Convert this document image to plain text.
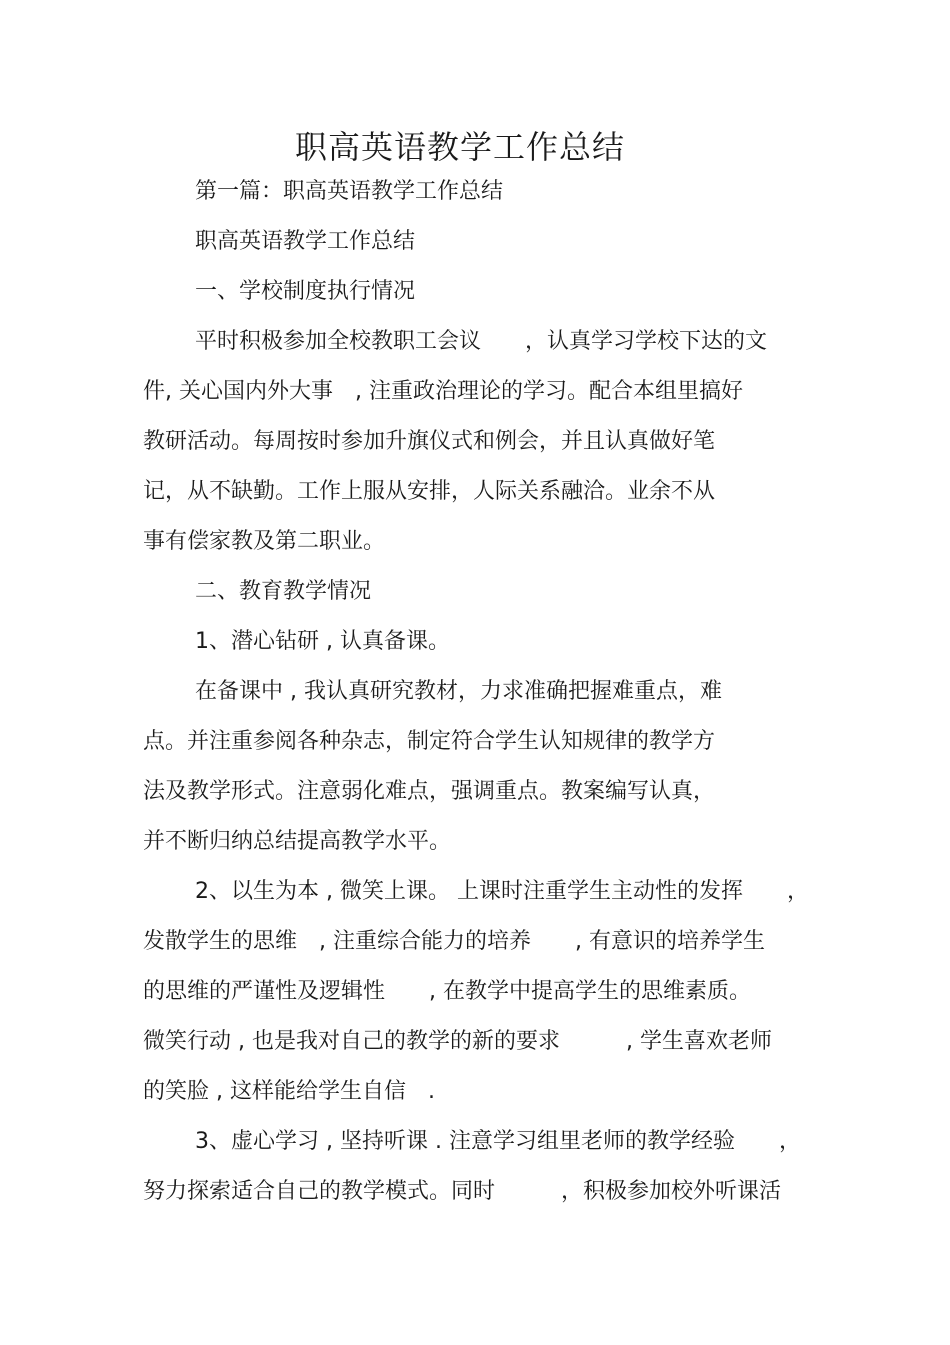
职高英语教学工作总结
第一篇：职高英语教学工作总结
职高英语教学工作总结
一、学校制度执行情况
平时积极参加全校教职工会议　　，认真学习学校下达的文
件, 关心国内外大事　, 注重政治理论的学习。配合本组里搞好
教研活动。每周按时参加升旗仪式和例会，并且认真做好笔
记，从不缺勤。工作上服从安排，人际关系融洽。业余不从
事有偿家教及第二职业。
二、教育教学情况
1、潜心钻研 , 认真备课。
在备课中 , 我认真研究教材，力求准确把握难重点，难
点。并注重参阅各种杂志，制定符合学生认知规律的教学方
法及教学形式。注意弱化难点，强调重点。教案编写认真，
并不断归纳总结提高教学水平。
2、以生为本 , 微笑上课。 上课时注重学生主动性的发挥　　，
发散学生的思维　, 注重综合能力的培养　　, 有意识的培养学生
的思维的严谨性及逻辑性　　, 在教学中提高学生的思维素质。
微笑行动 , 也是我对自己的教学的新的要求　　　, 学生喜欢老师
的笑脸 , 这样能给学生自信　.
3、虚心学习 , 坚持听课 . 注意学习组里老师的教学经验　　，
努力探索适合自己的教学模式。同时　　　，积极参加校外听课活
